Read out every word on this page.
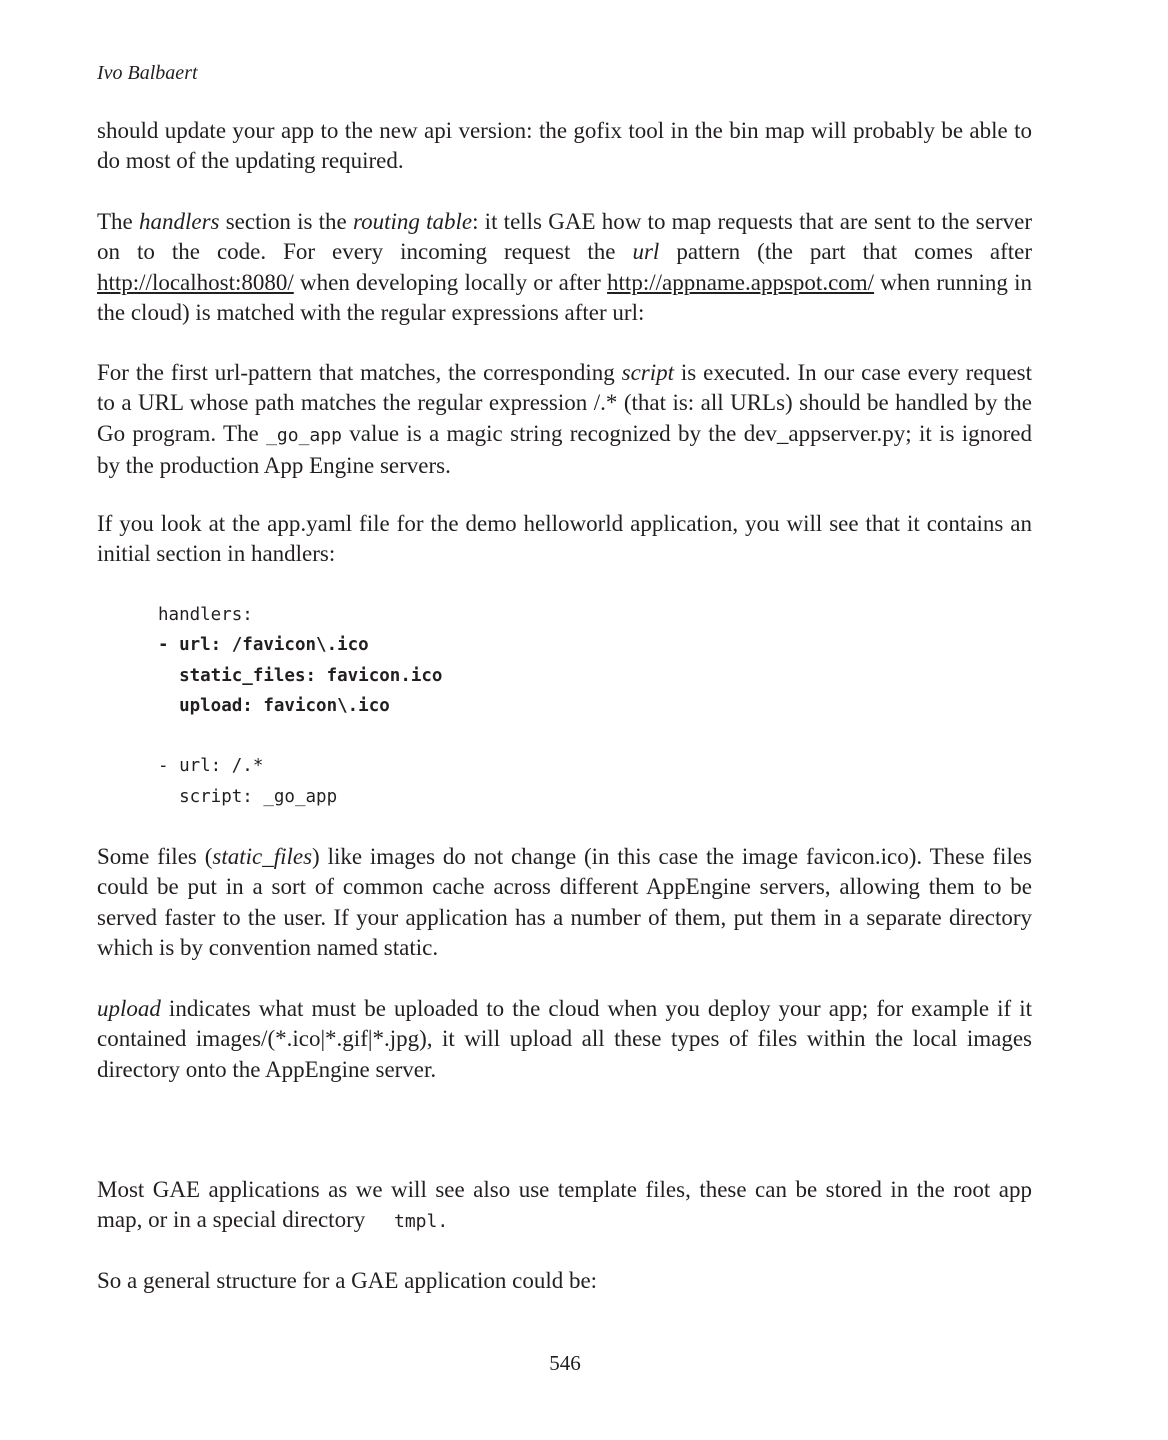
Ivo Balbaert
should update your app to the new api version: the gofix tool in the bin map will probably be able to do most of the updating required.
The handlers section is the routing table: it tells GAE how to map requests that are sent to the server on to the code. For every incoming request the url pattern (the part that comes after http://localhost:8080/ when developing locally or after http://appname.appspot.com/ when running in the cloud) is matched with the regular expressions after url:
For the first url-pattern that matches, the corresponding script is executed. In our case every request to a URL whose path matches the regular expression /.* (that is: all URLs) should be handled by the Go program. The _go_app value is a magic string recognized by the dev_appserver.py; it is ignored by the production App Engine servers.
If you look at the app.yaml file for the demo helloworld application, you will see that it contains an initial section in handlers:
handlers:
- url: /favicon\.ico
static_files: favicon.ico
upload: favicon\.ico

- url: /.*
script: _go_app
Some files (static_files) like images do not change (in this case the image favicon.ico). These files could be put in a sort of common cache across different AppEngine servers, allowing them to be served faster to the user. If your application has a number of them, put them in a separate directory which is by convention named static.
upload indicates what must be uploaded to the cloud when you deploy your app; for example if it contained images/(*.ico|*.gif|*.jpg), it will upload all these types of files within the local images directory onto the AppEngine server.
Most GAE applications as we will see also use template files, these can be stored in the root app map, or in a special directory     tmpl.
So a general structure for a GAE application could be:
546
